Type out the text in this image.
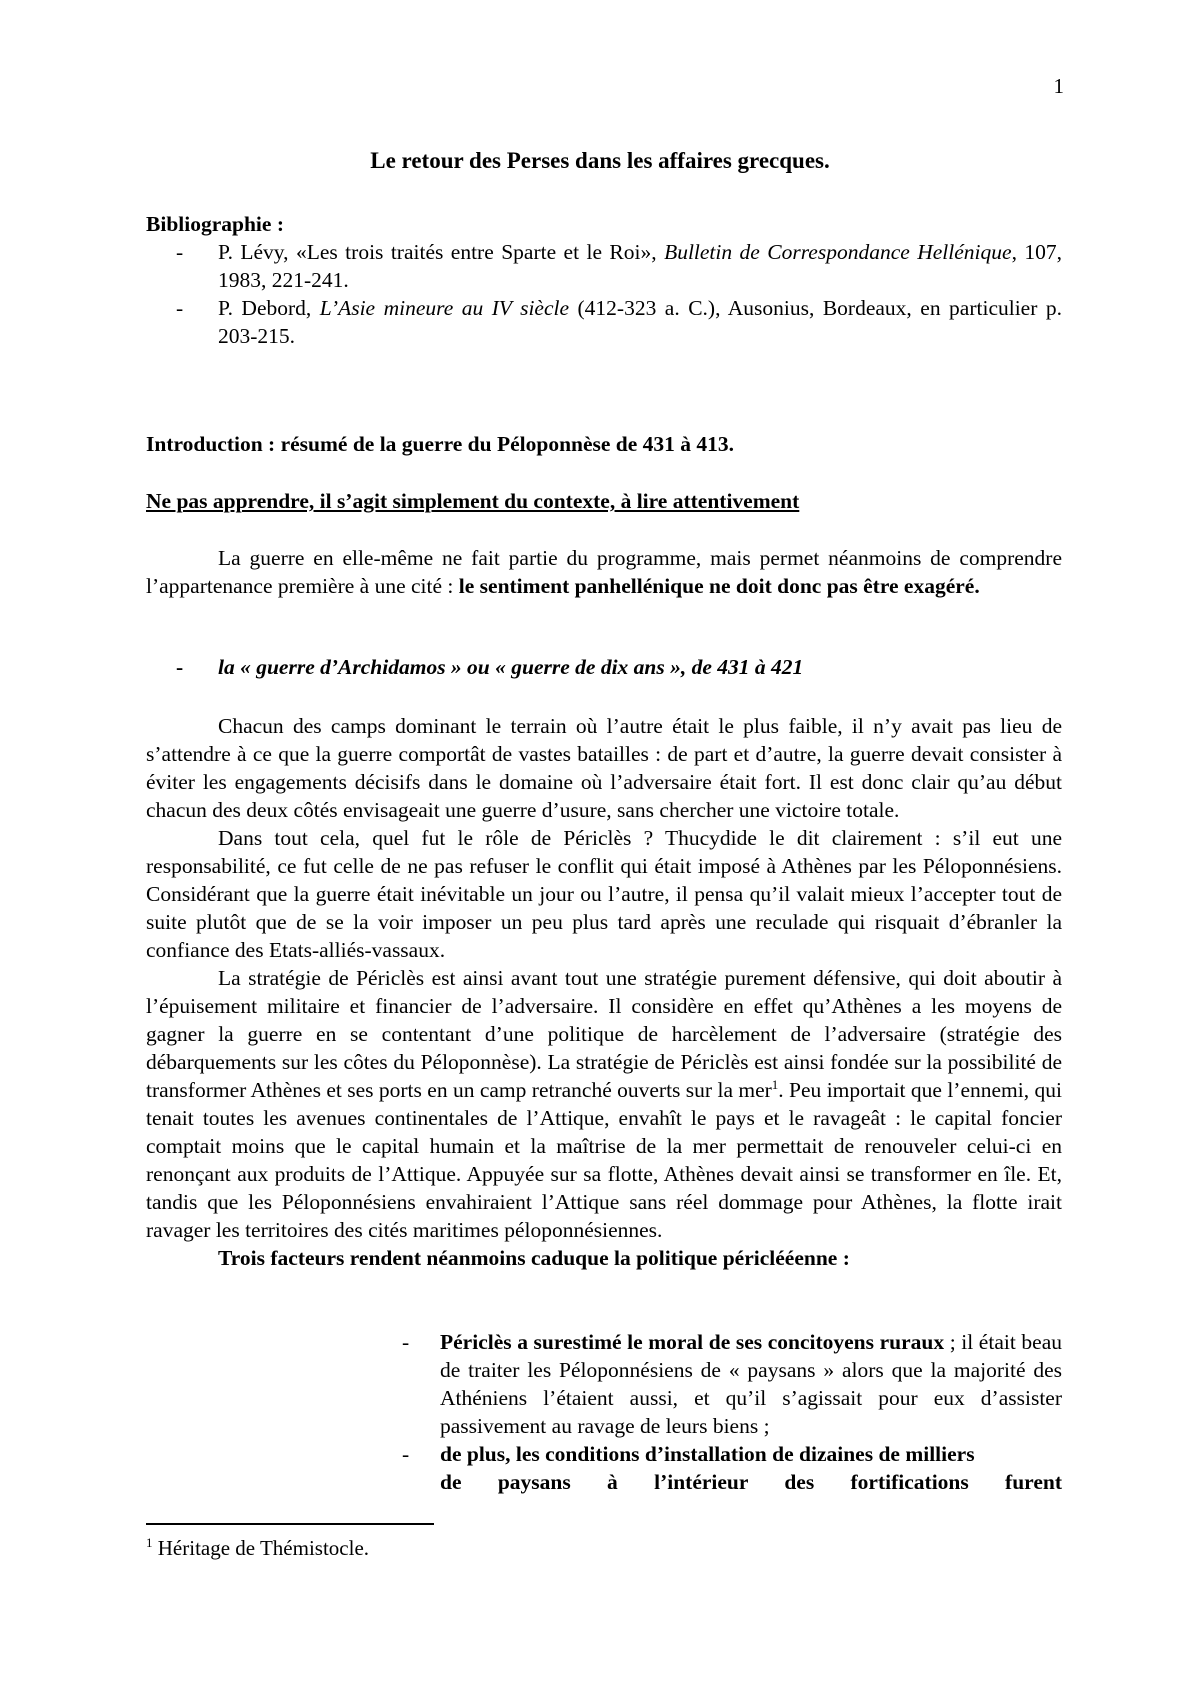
1
Le retour des Perses dans les affaires grecques.
Bibliographie :
-	P. Lévy, «Les trois traités entre Sparte et le Roi», Bulletin de Correspondance Hellénique, 107, 1983, 221-241.
-	P. Debord, L’Asie mineure au IV siècle (412-323 a. C.), Ausonius, Bordeaux, en particulier p. 203-215.
Introduction : résumé de la guerre du Péloponnèse de 431 à 413.
Ne pas apprendre, il s’agit simplement du contexte, à lire attentivement

La guerre en elle-même ne fait partie du programme, mais permet néanmoins de comprendre l’appartenance première à une cité : le sentiment panhellénique ne doit donc pas être exagéré.

-	la « guerre d’Archidamos » ou « guerre de dix ans », de 431 à 421

Chacun des camps dominant le terrain où l’autre était le plus faible, il n’y avait pas lieu de s’attendre à ce que la guerre comportât de vastes batailles : de part et d’autre, la guerre devait consister à éviter les engagements décisifs dans le domaine où l’adversaire était fort. Il est donc clair qu’au début chacun des deux côtés envisageait une guerre d’usure, sans chercher une victoire totale.

Dans tout cela, quel fut le rôle de Périclès ? Thucydide le dit clairement : s’il eut une responsabilité, ce fut celle de ne pas refuser le conflit qui était imposé à Athènes par les Péloponnésiens. Considérant que la guerre était inévitable un jour ou l’autre, il pensa qu’il valait mieux l’accepter tout de suite plutôt que de se la voir imposer un peu plus tard après une reculade qui risquait d’ébranler la confiance des Etats-alliés-vassaux.

La stratégie de Périclès est ainsi avant tout une stratégie purement défensive, qui doit aboutir à l’épuisement militaire et financier de l’adversaire. Il considère en effet qu’Athènes a les moyens de gagner la guerre en se contentant d’une politique de harcèlement de l’adversaire (stratégie des débarquements sur les côtes du Péloponnèse). La stratégie de Périclès est ainsi fondée sur la possibilité de transformer Athènes et ses ports en un camp retranché ouverts sur la mer$^1$. Peu importait que l’ennemi, qui tenait toutes les avenues continentales de l’Attique, envahît le pays et le ravageât : le capital foncier comptait moins que le capital humain et la maîtrise de la mer permettait de renouveler celui-ci en renonçant aux produits de l’Attique. Appuyée sur sa flotte, Athènes devait ainsi se transformer en île. Et, tandis que les Péloponnésiens envahiraient l’Attique sans réel dommage pour Athènes, la flotte irait ravager les territoires des cités maritimes péloponnésiennes.

Trois facteurs rendent néanmoins caduque la politique périclééenne :

-	Périclès a surestimé le moral de ses concitoyens ruraux ; il était beau de traiter les Péloponnésiens de « paysans » alors que la majorité des Athéniens l’étaient aussi, et qu’il s’agissait pour eux d’assister passivement au ravage de leurs biens ;
-	de plus, les conditions d’installation de dizaines de milliers
de paysans à l’intérieur des fortifications furent
$^1$ Héritage de Thémistocle.
